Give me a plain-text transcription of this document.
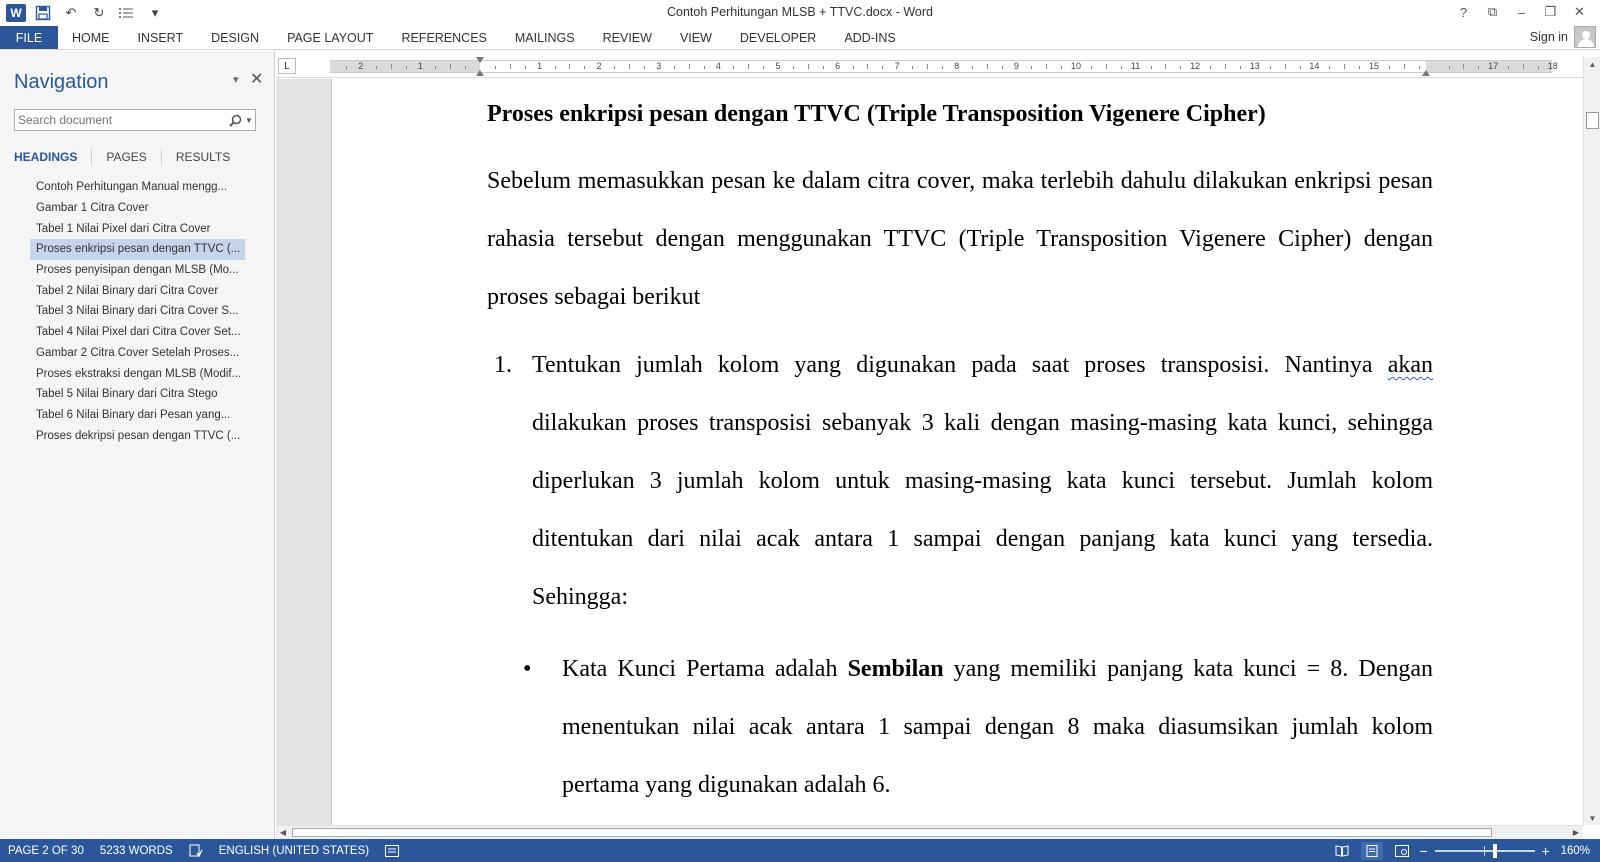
W	↶	↻	▾	Contoh Perhitungan MLSB + TTVC.docx - Word	?	⧉	–	❐	✕
FILE	HOME	INSERT	DESIGN	PAGE LAYOUT	REFERENCES	MAILINGS	REVIEW	VIEW	DEVELOPER	ADD-INS	Sign in
Navigation	▾ ✕
Search document
▼
HEADINGS	PAGES	RESULTS
Contoh Perhitungan Manual mengg...
Gambar 1 Citra Cover
Tabel 1 Nilai Pixel dari Citra Cover
Proses enkripsi pesan dengan TTVC (...
Proses penyisipan dengan MLSB (Mo...
Tabel 2 Nilai Binary dari Citra Cover
Tabel 3 Nilai Binary dari Citra Cover S...
Tabel 4 Nilai Pixel dari Citra Cover Set...
Gambar 2 Citra Cover Setelah Proses...
Proses ekstraksi dengan MLSB (Modif...
Tabel 5 Nilai Binary dari Citra Stego
Tabel 6 Nilai Binary dari Pesan yang...
Proses dekripsi pesan dengan TTVC (...
L	2	1	1	2	3	4	5	6	7	8	9	10	11	12	13	14	15	17	18
Proses enkripsi pesan dengan TTVC (Triple Transposition Vigenere Cipher)

Sebelum memasukkan pesan ke dalam citra cover, maka terlebih dahulu dilakukan enkripsi pesan rahasia tersebut dengan menggunakan TTVC (Triple Transposition Vigenere Cipher) dengan proses sebagai berikut

1. Tentukan jumlah kolom yang digunakan pada saat proses transposisi. Nantinya akan dilakukan proses transposisi sebanyak 3 kali dengan masing-masing kata kunci, sehingga diperlukan 3 jumlah kolom untuk masing-masing kata kunci tersebut. Jumlah kolom ditentukan dari nilai acak antara 1 sampai dengan panjang kata kunci yang tersedia. Sehingga:

• Kata Kunci Pertama adalah Sembilan yang memiliki panjang kata kunci = 8. Dengan menentukan nilai acak antara 1 sampai dengan 8 maka diasumsikan jumlah kolom pertama yang digunakan adalah 6.

▲
▼
◀	▶
PAGE 2 OF 30	5233 WORDS	ENGLISH (UNITED STATES)	−	+ 160%
